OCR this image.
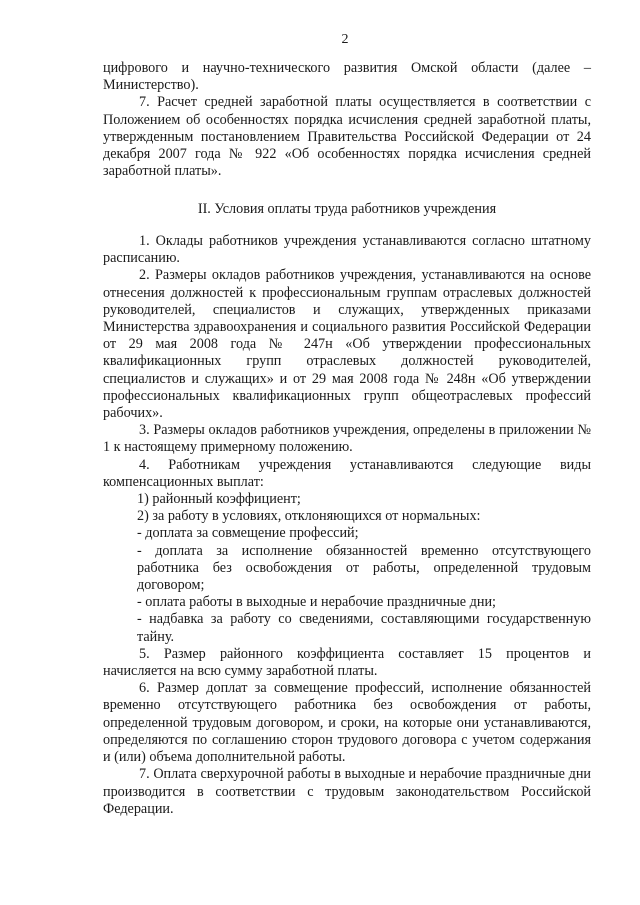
2

цифрового и научно-технического развития Омской области (далее – Министерство).

7. Расчет средней заработной платы осуществляется в соответствии с Положением об особенностях порядка исчисления средней заработной платы, утвержденным постановлением Правительства Российской Федерации от 24 декабря 2007 года № 922 «Об особенностях порядка исчисления средней заработной платы».

II. Условия оплаты труда работников учреждения

1. Оклады работников учреждения устанавливаются согласно штатному расписанию.

2. Размеры окладов работников учреждения, устанавливаются на основе отнесения должностей к профессиональным группам отраслевых должностей руководителей, специалистов и служащих, утвержденных приказами Министерства здравоохранения и социального развития Российской Федерации от 29 мая 2008 года № 247н «Об утверждении профессиональных квалификационных групп отраслевых должностей руководителей, специалистов и служащих» и от 29 мая 2008 года № 248н «Об утверждении профессиональных квалификационных групп общеотраслевых профессий рабочих».

3. Размеры окладов работников учреждения, определены в приложении № 1 к настоящему примерному положению.

4. Работникам учреждения устанавливаются следующие виды компенсационных выплат:

1) районный коэффициент;
2) за работу в условиях, отклоняющихся от нормальных:
- доплата за совмещение профессий;
- доплата за исполнение обязанностей временно отсутствующего работника без освобождения от работы, определенной трудовым договором;
- оплата работы в выходные и нерабочие праздничные дни;
- надбавка за работу со сведениями, составляющими государственную тайну.

5. Размер районного коэффициента составляет 15 процентов и начисляется на всю сумму заработной платы.

6. Размер доплат за совмещение профессий, исполнение обязанностей временно отсутствующего работника без освобождения от работы, определенной трудовым договором, и сроки, на которые они устанавливаются, определяются по соглашению сторон трудового договора с учетом содержания и (или) объема дополнительной работы.

7. Оплата сверхурочной работы в выходные и нерабочие праздничные дни производится в соответствии с трудовым законодательством Российской Федерации.
